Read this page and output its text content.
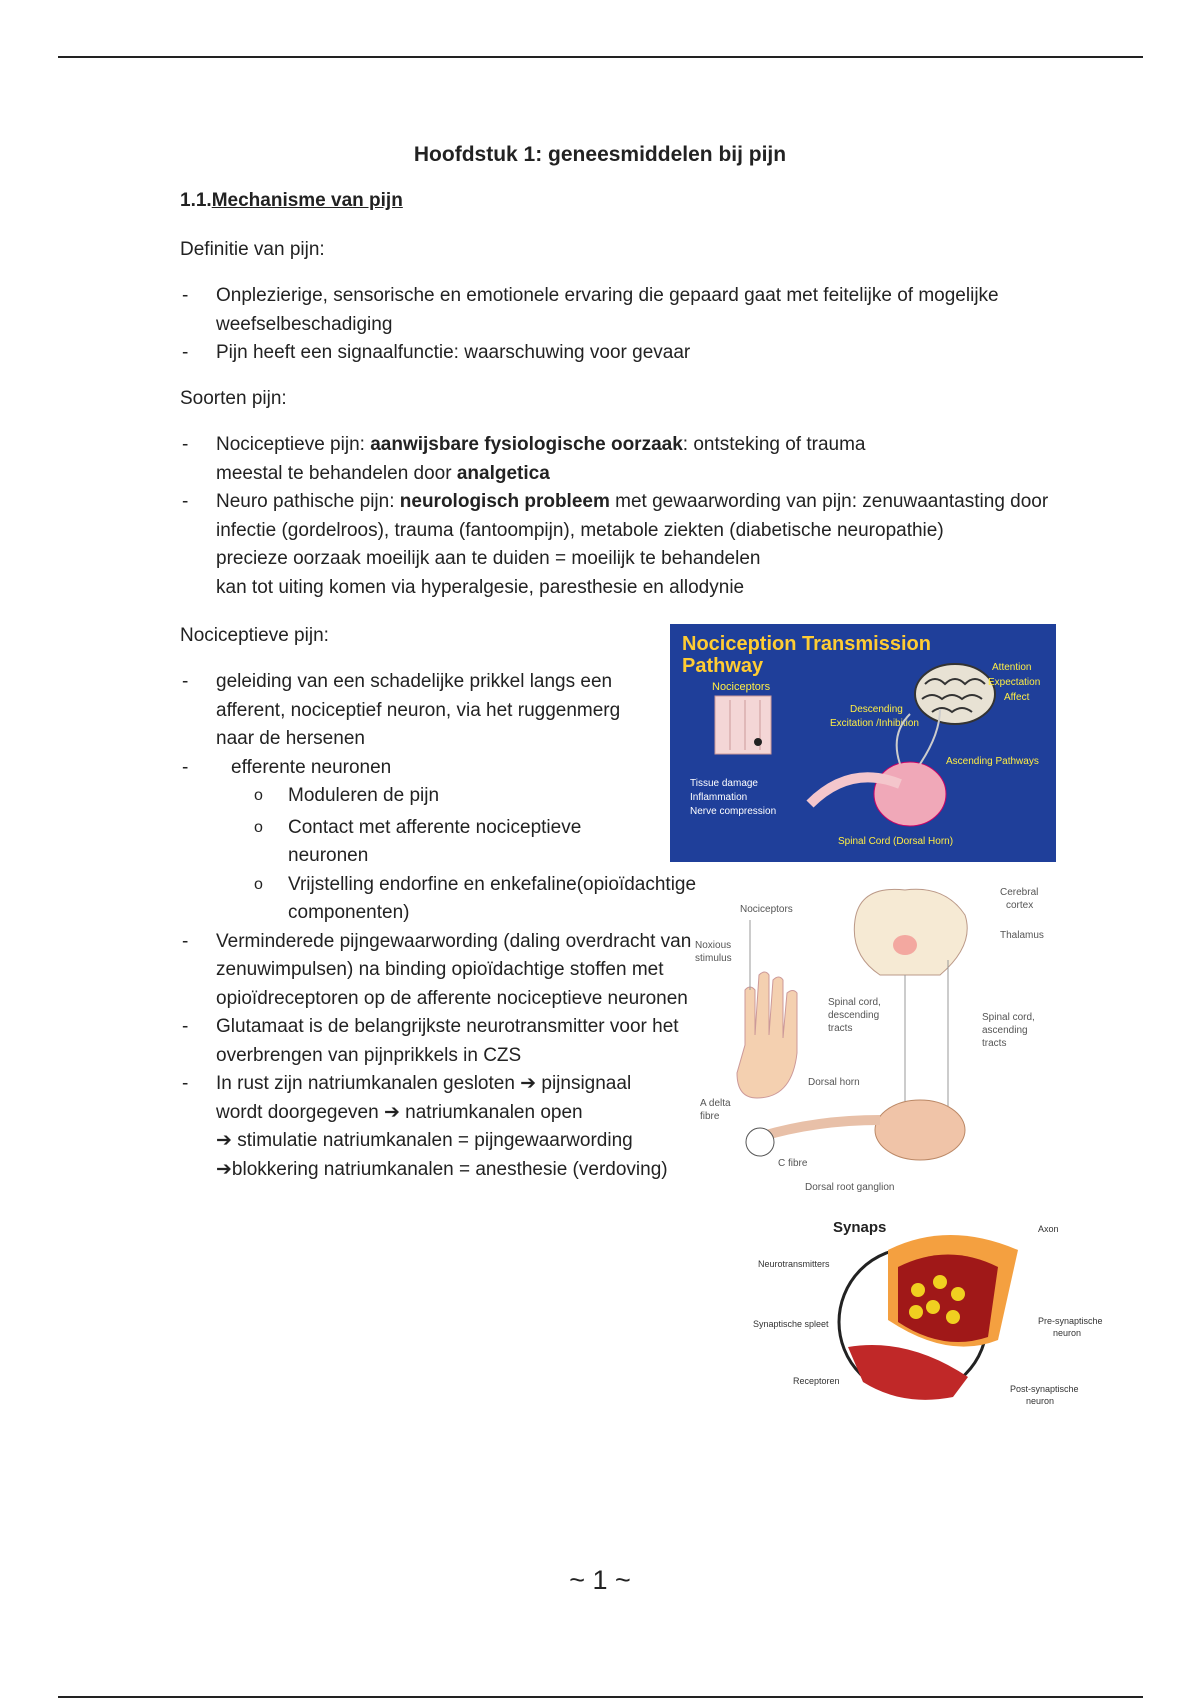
Hoofdstuk 1: geneesmiddelen bij pijn

1.1.Mechanisme van pijn

Definitie van pijn:

- Onplezierige, sensorische en emotionele ervaring die gepaard gaat met feitelijke of mogelijke weefselbeschadiging
- Pijn heeft een signaalfunctie: waarschuwing voor gevaar

Soorten pijn:

- Nociceptieve pijn: aanwijsbare fysiologische oorzaak: ontsteking of trauma
meestal te behandelen door analgetica
- Neuro pathische pijn: neurologisch probleem met gewaarwording van pijn: zenuwaantasting door infectie (gordelroos), trauma (fantoompijn), metabole ziekten (diabetische neuropathie)
precieze oorzaak moeilijk aan te duiden = moeilijk te behandelen
kan tot uiting komen via hyperalgesie, paresthesie en allodynie

Nociceptieve pijn:

- geleiding van een schadelijke prikkel langs een afferent, nociceptief neuron, via het ruggenmerg naar de hersenen
- efferente neuronen
o Moduleren de pijn
o Contact met afferente nociceptieve neuronen
o Vrijstelling endorfine en enkefaline(opioïdachtige componenten)
- Verminderede pijngewaarwording (daling overdracht van zenuwimpulsen) na binding opioïdachtige stoffen met opioïdreceptoren op de afferente nociceptieve neuronen
- Glutamaat is de belangrijkste neurotransmitter voor het overbrengen van pijnprikkels in CZS
- In rust zijn natriumkanalen gesloten ➔ pijnsignaal wordt doorgegeven ➔ natriumkanalen open
➔ stimulatie natriumkanalen = pijngewaarwording
➔blokkering natriumkanalen = anesthesie (verdoving)
Nociception Transmission
Pathway
Nociceptors
Attention
Expectation
Affect
Descending
Excitation /Inhibition
Ascending Pathways
Tissue damage
Inflammation
Nerve compression
Spinal Cord (Dorsal Horn)
Cerebral
cortex
Thalamus
Nociceptors
Noxious
stimulus
Spinal cord,
descending
tracts
Spinal cord,
ascending
tracts
Dorsal horn
A delta
fibre
C fibre
Dorsal root ganglion
Synaps	Axon
Neurotransmitters
Synaptische spleet	Pre-synaptische
neuron
Receptoren
Post-synaptische
neuron

~ 1 ~
